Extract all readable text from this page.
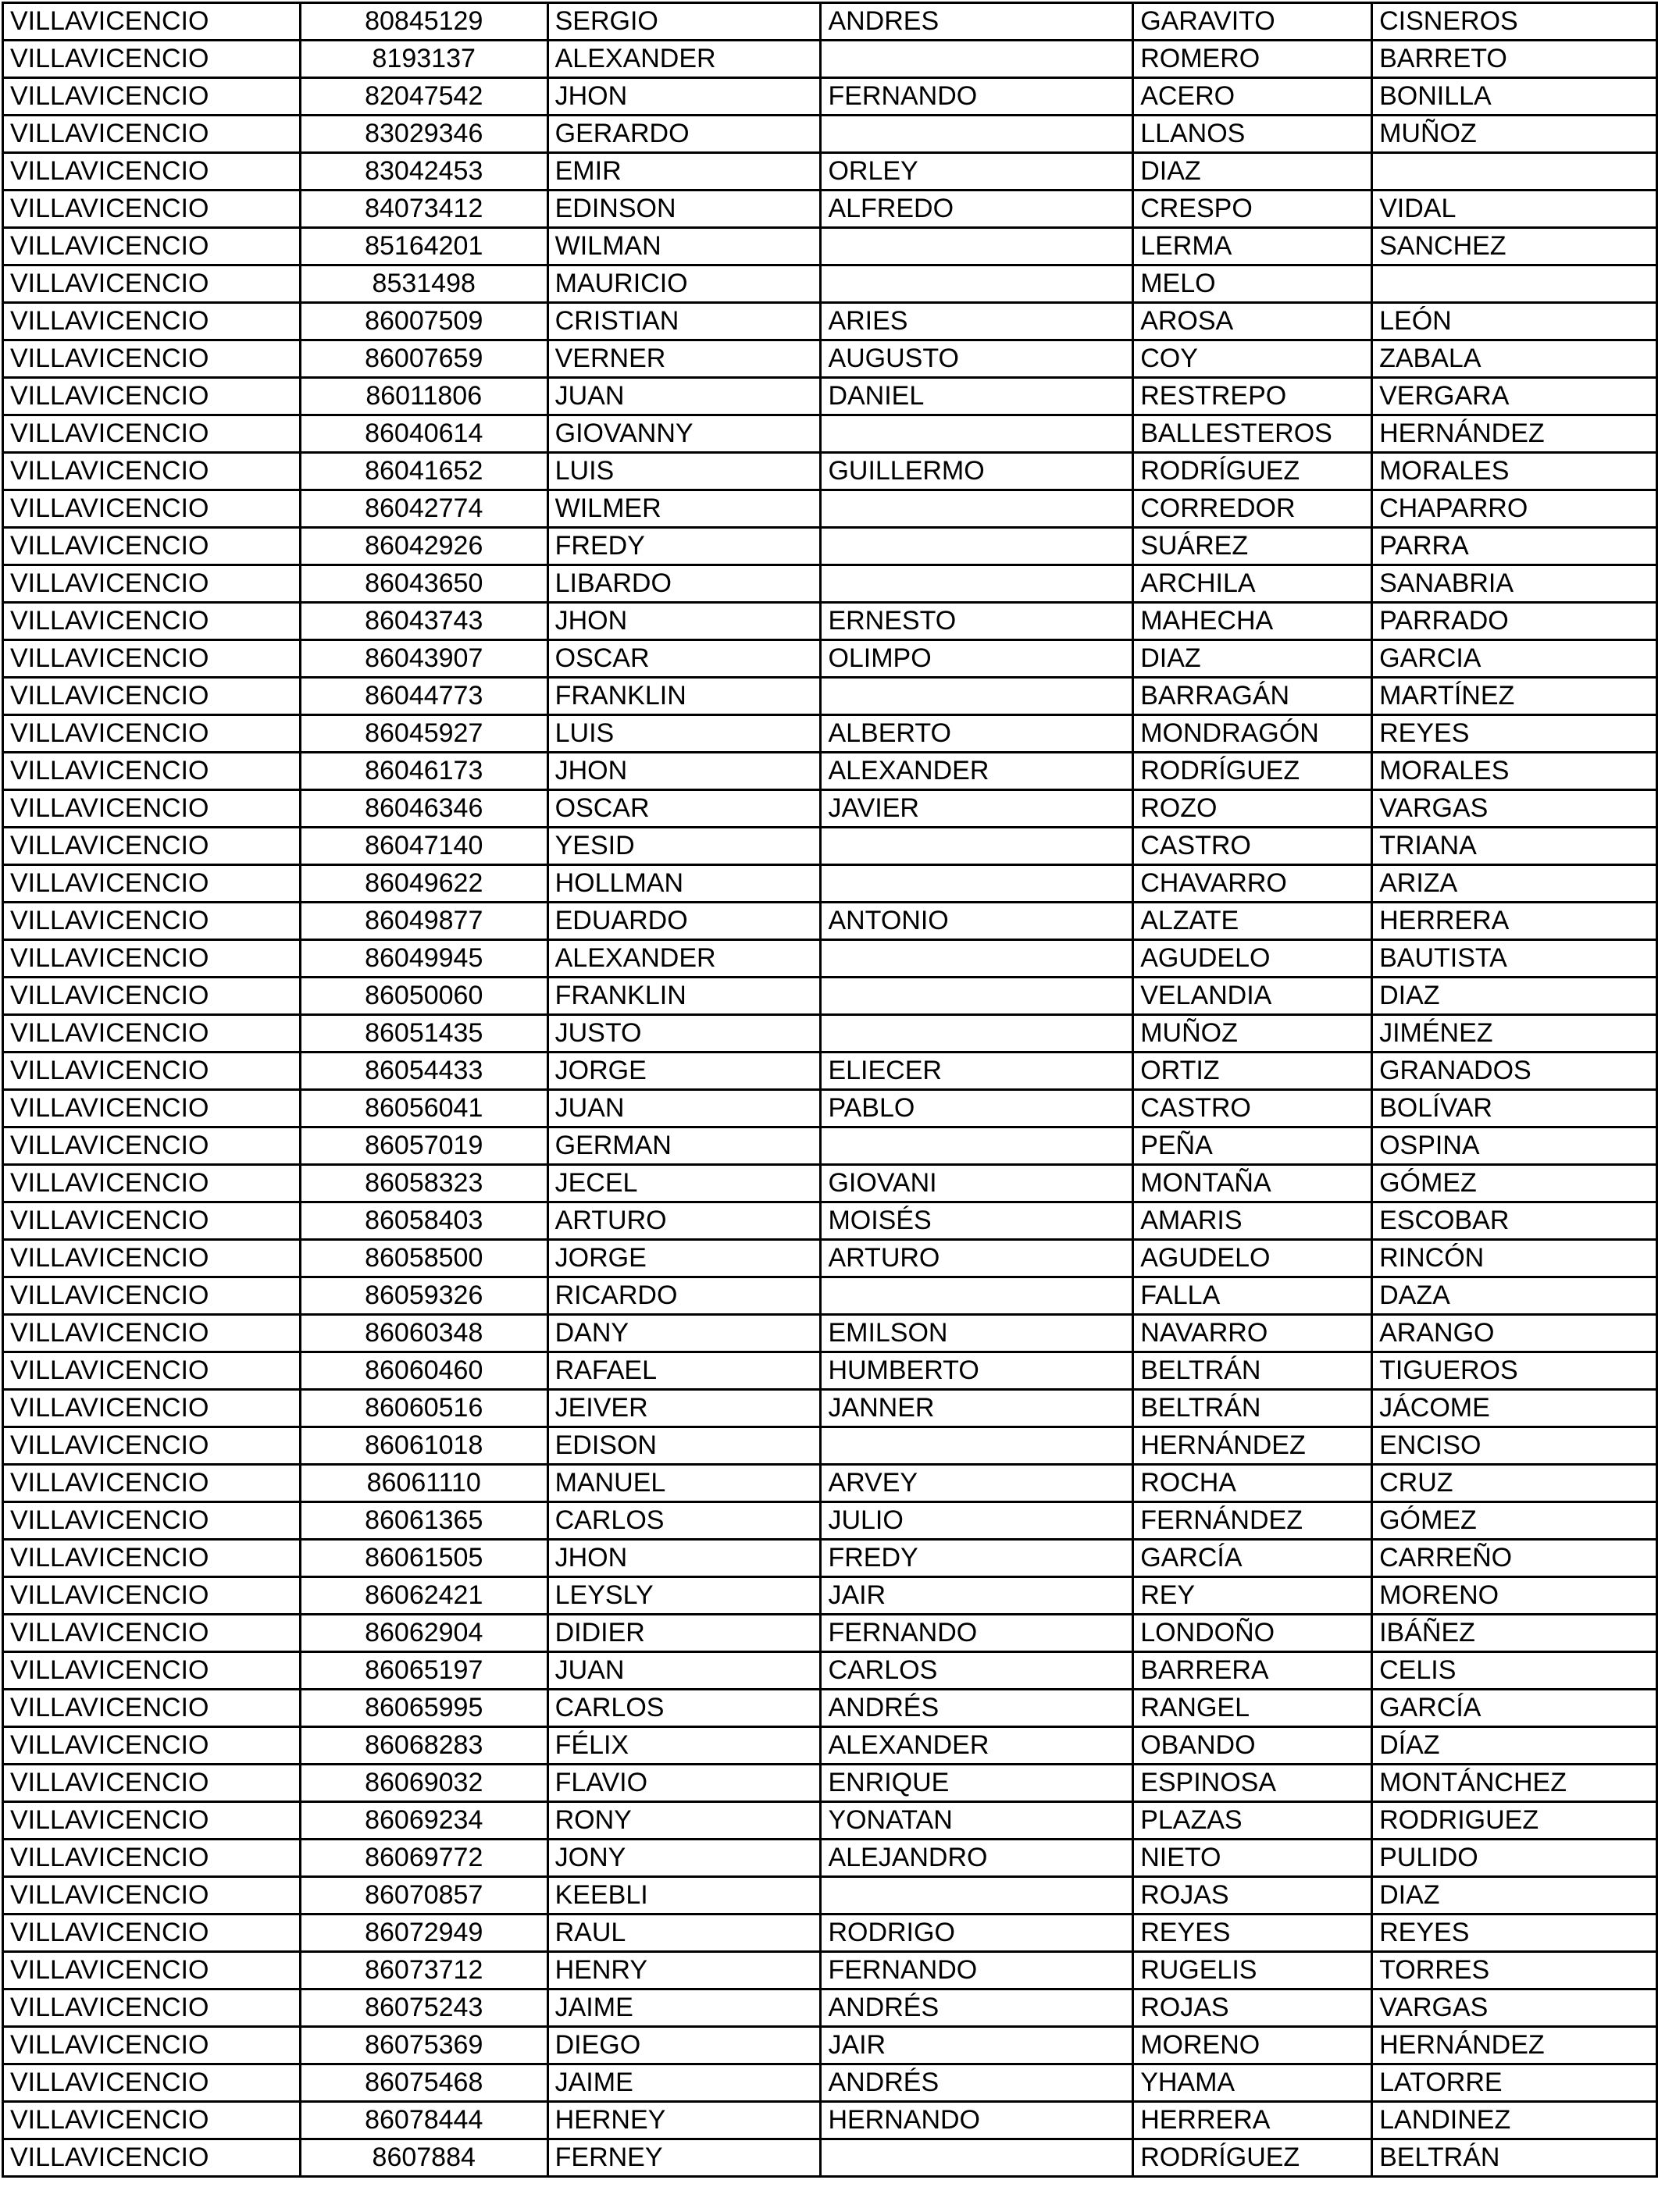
VILLAVICENCIO	80845129	SERGIO	ANDRES	GARAVITO	CISNEROS
VILLAVICENCIO	8193137	ALEXANDER		ROMERO	BARRETO
VILLAVICENCIO	82047542	JHON	FERNANDO	ACERO	BONILLA
VILLAVICENCIO	83029346	GERARDO		LLANOS	MUÑOZ
VILLAVICENCIO	83042453	EMIR	ORLEY	DIAZ	
VILLAVICENCIO	84073412	EDINSON	ALFREDO	CRESPO	VIDAL
VILLAVICENCIO	85164201	WILMAN		LERMA	SANCHEZ
VILLAVICENCIO	8531498	MAURICIO		MELO	
VILLAVICENCIO	86007509	CRISTIAN	ARIES	AROSA	LEÓN
VILLAVICENCIO	86007659	VERNER	AUGUSTO	COY	ZABALA
VILLAVICENCIO	86011806	JUAN	DANIEL	RESTREPO	VERGARA
VILLAVICENCIO	86040614	GIOVANNY		BALLESTEROS	HERNÁNDEZ
VILLAVICENCIO	86041652	LUIS	GUILLERMO	RODRÍGUEZ	MORALES
VILLAVICENCIO	86042774	WILMER		CORREDOR	CHAPARRO
VILLAVICENCIO	86042926	FREDY		SUÁREZ	PARRA
VILLAVICENCIO	86043650	LIBARDO		ARCHILA	SANABRIA
VILLAVICENCIO	86043743	JHON	ERNESTO	MAHECHA	PARRADO
VILLAVICENCIO	86043907	OSCAR	OLIMPO	DIAZ	GARCIA
VILLAVICENCIO	86044773	FRANKLIN		BARRAGÁN	MARTÍNEZ
VILLAVICENCIO	86045927	LUIS	ALBERTO	MONDRAGÓN	REYES
VILLAVICENCIO	86046173	JHON	ALEXANDER	RODRÍGUEZ	MORALES
VILLAVICENCIO	86046346	OSCAR	JAVIER	ROZO	VARGAS
VILLAVICENCIO	86047140	YESID		CASTRO	TRIANA
VILLAVICENCIO	86049622	HOLLMAN		CHAVARRO	ARIZA
VILLAVICENCIO	86049877	EDUARDO	ANTONIO	ALZATE	HERRERA
VILLAVICENCIO	86049945	ALEXANDER		AGUDELO	BAUTISTA
VILLAVICENCIO	86050060	FRANKLIN		VELANDIA	DIAZ
VILLAVICENCIO	86051435	JUSTO		MUÑOZ	JIMÉNEZ
VILLAVICENCIO	86054433	JORGE	ELIECER	ORTIZ	GRANADOS
VILLAVICENCIO	86056041	JUAN	PABLO	CASTRO	BOLÍVAR
VILLAVICENCIO	86057019	GERMAN		PEÑA	OSPINA
VILLAVICENCIO	86058323	JECEL	GIOVANI	MONTAÑA	GÓMEZ
VILLAVICENCIO	86058403	ARTURO	MOISÉS	AMARIS	ESCOBAR
VILLAVICENCIO	86058500	JORGE	ARTURO	AGUDELO	RINCÓN
VILLAVICENCIO	86059326	RICARDO		FALLA	DAZA
VILLAVICENCIO	86060348	DANY	EMILSON	NAVARRO	ARANGO
VILLAVICENCIO	86060460	RAFAEL	HUMBERTO	BELTRÁN	TIGUEROS
VILLAVICENCIO	86060516	JEIVER	JANNER	BELTRÁN	JÁCOME
VILLAVICENCIO	86061018	EDISON		HERNÁNDEZ	ENCISO
VILLAVICENCIO	86061110	MANUEL	ARVEY	ROCHA	CRUZ
VILLAVICENCIO	86061365	CARLOS	JULIO	FERNÁNDEZ	GÓMEZ
VILLAVICENCIO	86061505	JHON	FREDY	GARCÍA	CARREÑO
VILLAVICENCIO	86062421	LEYSLY	JAIR	REY	MORENO
VILLAVICENCIO	86062904	DIDIER	FERNANDO	LONDOÑO	IBÁÑEZ
VILLAVICENCIO	86065197	JUAN	CARLOS	BARRERA	CELIS
VILLAVICENCIO	86065995	CARLOS	ANDRÉS	RANGEL	GARCÍA
VILLAVICENCIO	86068283	FÉLIX	ALEXANDER	OBANDO	DÍAZ
VILLAVICENCIO	86069032	FLAVIO	ENRIQUE	ESPINOSA	MONTÁNCHEZ
VILLAVICENCIO	86069234	RONY	YONATAN	PLAZAS	RODRIGUEZ
VILLAVICENCIO	86069772	JONY	ALEJANDRO	NIETO	PULIDO
VILLAVICENCIO	86070857	KEEBLI		ROJAS	DIAZ
VILLAVICENCIO	86072949	RAUL	RODRIGO	REYES	REYES
VILLAVICENCIO	86073712	HENRY	FERNANDO	RUGELIS	TORRES
VILLAVICENCIO	86075243	JAIME	ANDRÉS	ROJAS	VARGAS
VILLAVICENCIO	86075369	DIEGO	JAIR	MORENO	HERNÁNDEZ
VILLAVICENCIO	86075468	JAIME	ANDRÉS	YHAMA	LATORRE
VILLAVICENCIO	86078444	HERNEY	HERNANDO	HERRERA	LANDINEZ
VILLAVICENCIO	8607884	FERNEY		RODRÍGUEZ	BELTRÁN
